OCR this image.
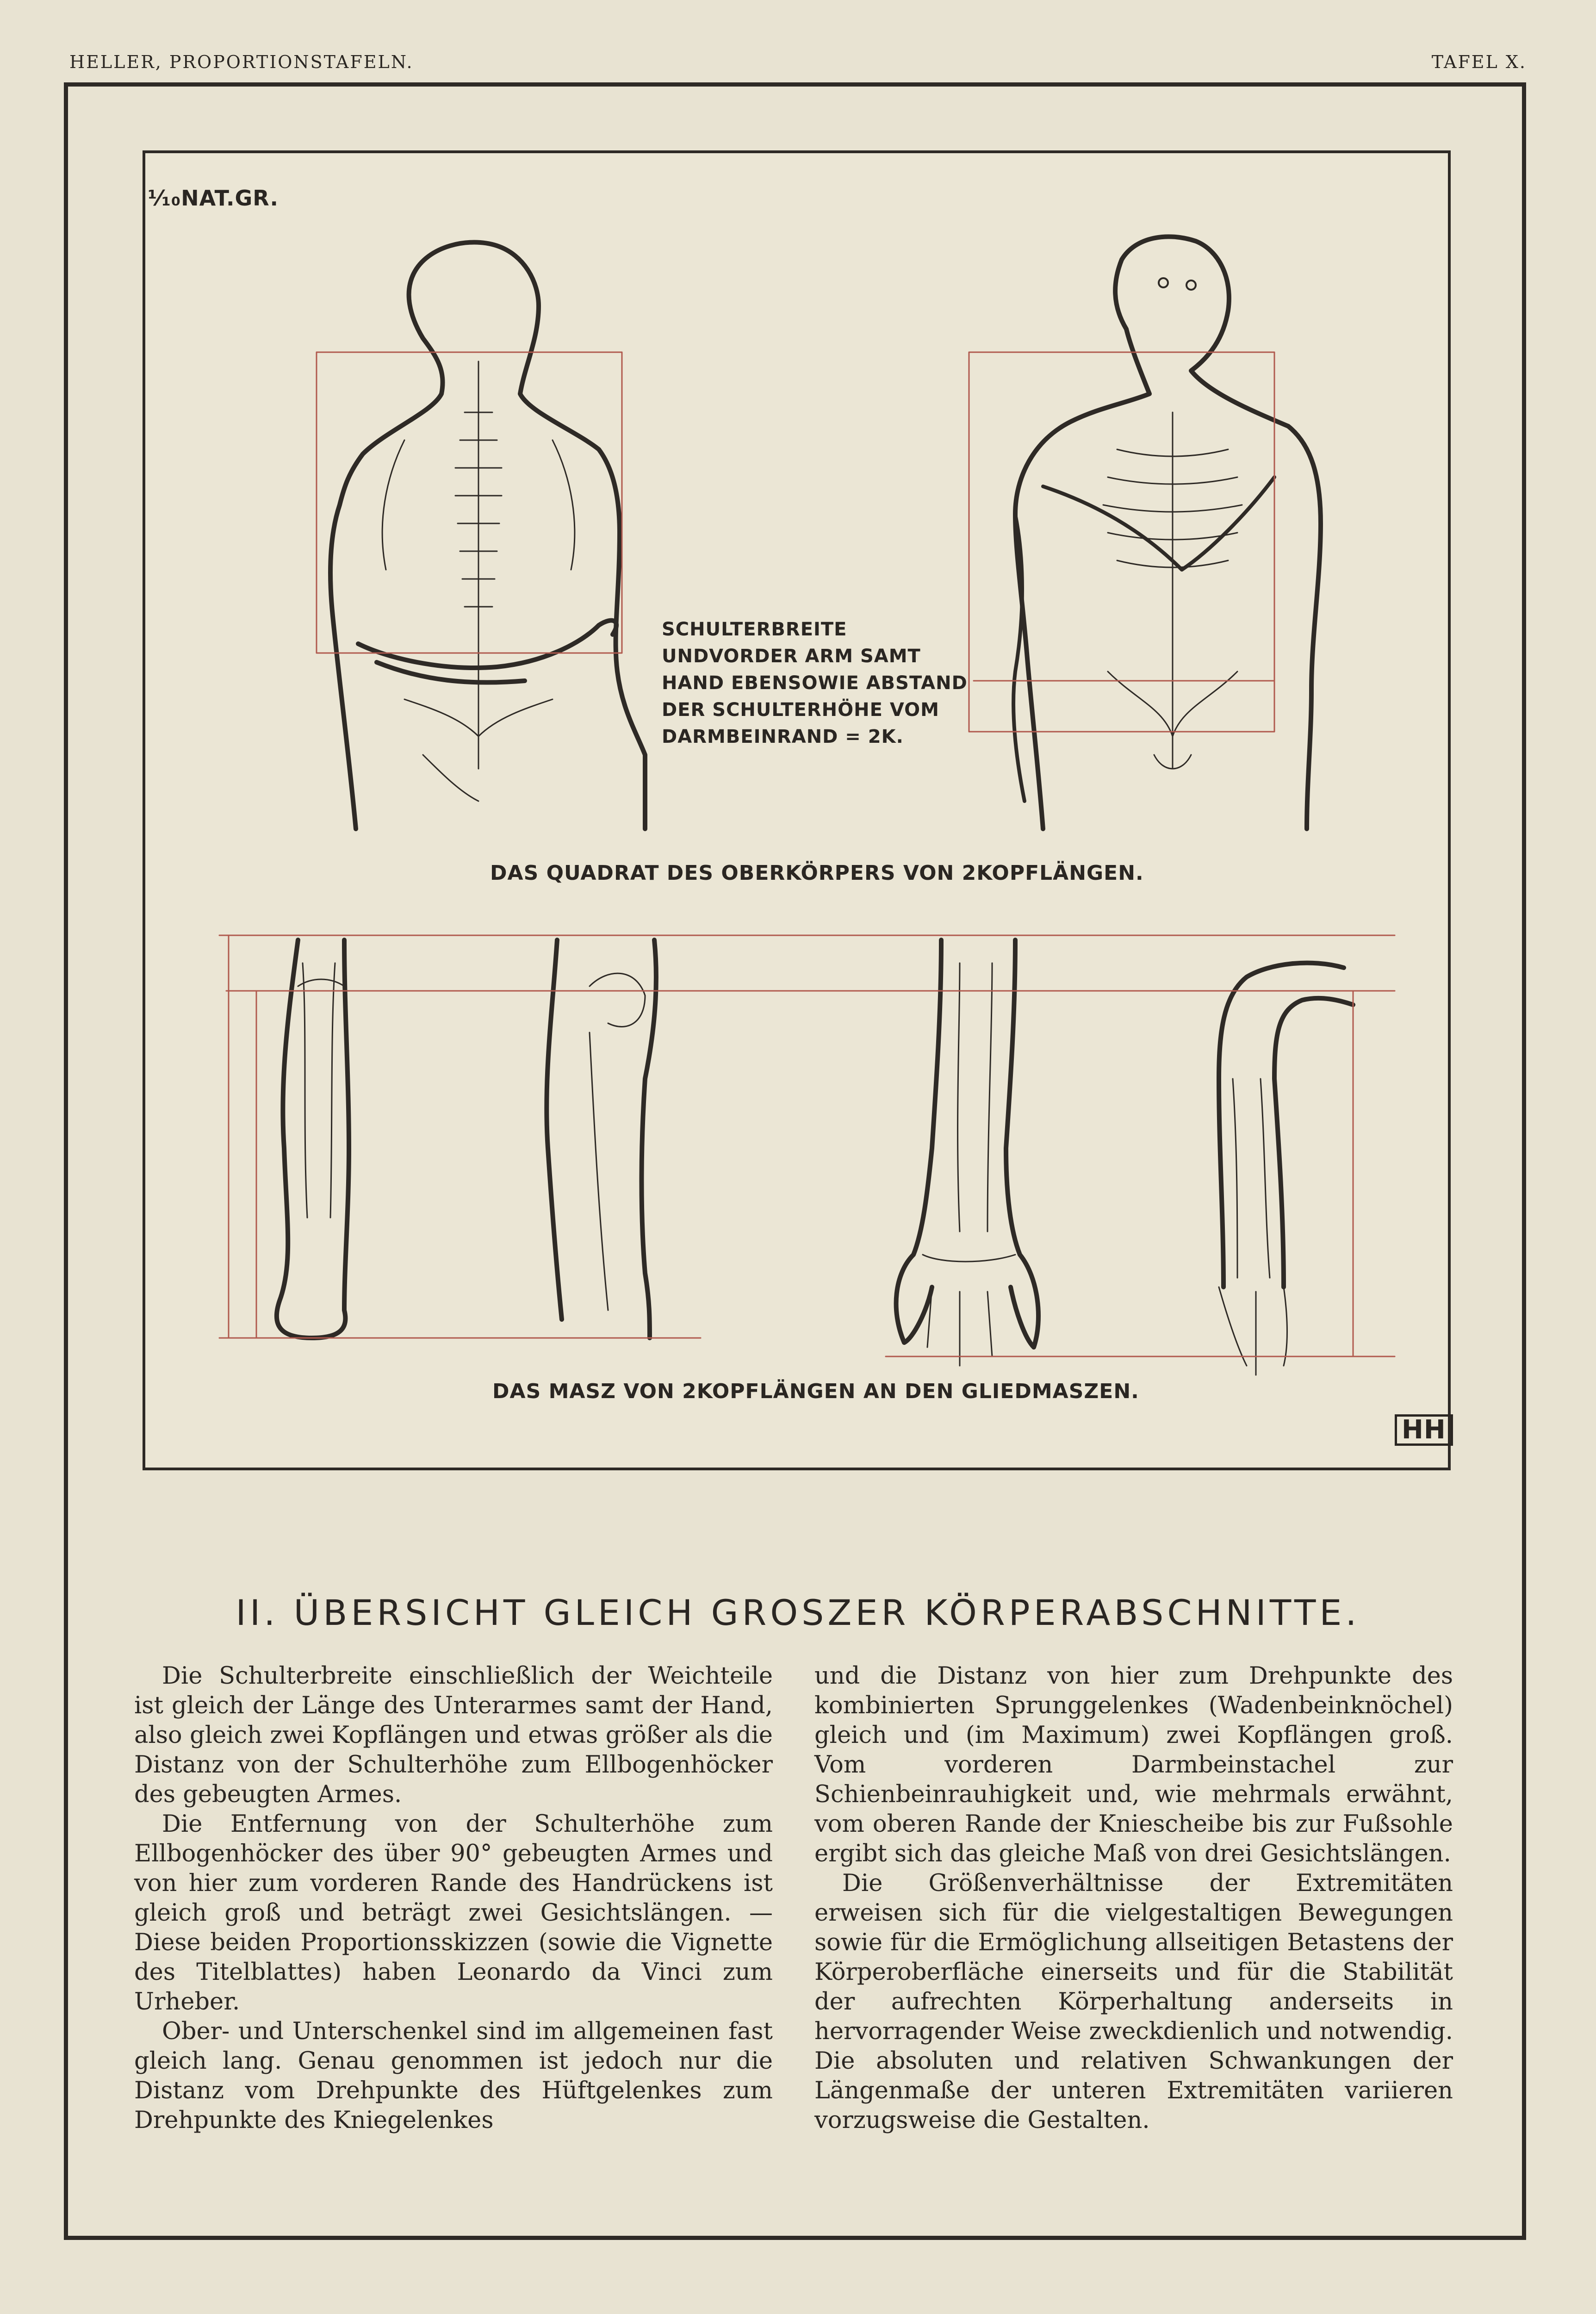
HELLER, PROPORTIONSTAFELN.	TAFEL X.
¹⁄₁₀NAT.GR.
SCHULTERBREITE UNDVORDER ARM SAMT HAND EBENSOWIE ABSTAND DER SCHULTERHÖHE VOM DARMBEINRAND = 2K.
DAS QUADRAT DES OBERKÖRPERS VON 2KOPFLÄNGEN.
DAS MASZ VON 2KOPFLÄNGEN AN DEN GLIEDMASZEN.
HH
II. ÜBERSICHT GLEICH GROSZER KÖRPERABSCHNITTE.

Die Schulterbreite einschließlich der Weichteile ist gleich der Länge des Unterarmes samt der Hand, also gleich zwei Kopflängen und etwas größer als die Distanz von der Schulterhöhe zum Ellbogenhöcker des gebeugten Armes.

Die Entfernung von der Schulterhöhe zum Ellbogenhöcker des über 90° gebeugten Armes und von hier zum vorderen Rande des Handrückens ist gleich groß und beträgt zwei Gesichtslängen. — Diese beiden Proportionsskizzen (sowie die Vignette des Titelblattes) haben Leonardo da Vinci zum Urheber.

Ober- und Unterschenkel sind im allgemeinen fast gleich lang. Genau genommen ist jedoch nur die Distanz vom Drehpunkte des Hüftgelenkes zum Drehpunkte des Kniegelenkes

und die Distanz von hier zum Drehpunkte des kombinierten Sprunggelenkes (Wadenbeinknöchel) gleich und (im Maximum) zwei Kopflängen groß. Vom vorderen Darmbeinstachel zur Schienbeinrauhigkeit und, wie mehrmals erwähnt, vom oberen Rande der Kniescheibe bis zur Fußsohle ergibt sich das gleiche Maß von drei Gesichtslängen.

Die Größenverhältnisse der Extremitäten erweisen sich für die vielgestaltigen Bewegungen sowie für die Ermöglichung allseitigen Betastens der Körperoberfläche einerseits und für die Stabilität der aufrechten Körperhaltung anderseits in hervorragender Weise zweckdienlich und notwendig. Die absoluten und relativen Schwankungen der Längenmaße der unteren Extremitäten variieren vorzugsweise die Gestalten.
